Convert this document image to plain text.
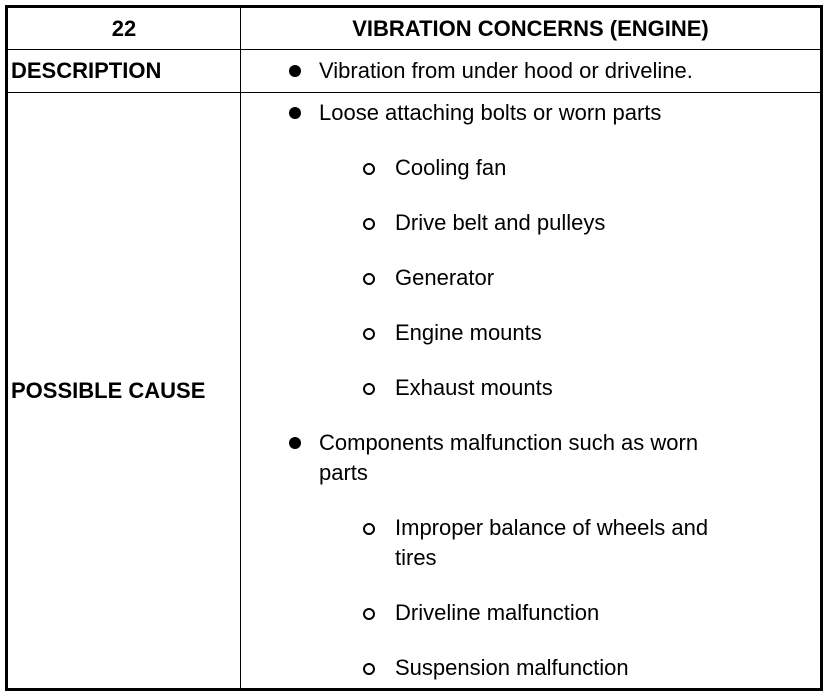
22	VIBRATION CONCERNS (ENGINE)
DESCRIPTION	Vibration from under hood or driveline.
POSSIBLE CAUSE
Loose attaching bolts or worn parts
Cooling fan
Drive belt and pulleys
Generator
Engine mounts
Exhaust mounts
Components malfunction such as worn
parts
Improper balance of wheels and
tires
Driveline malfunction
Suspension malfunction
